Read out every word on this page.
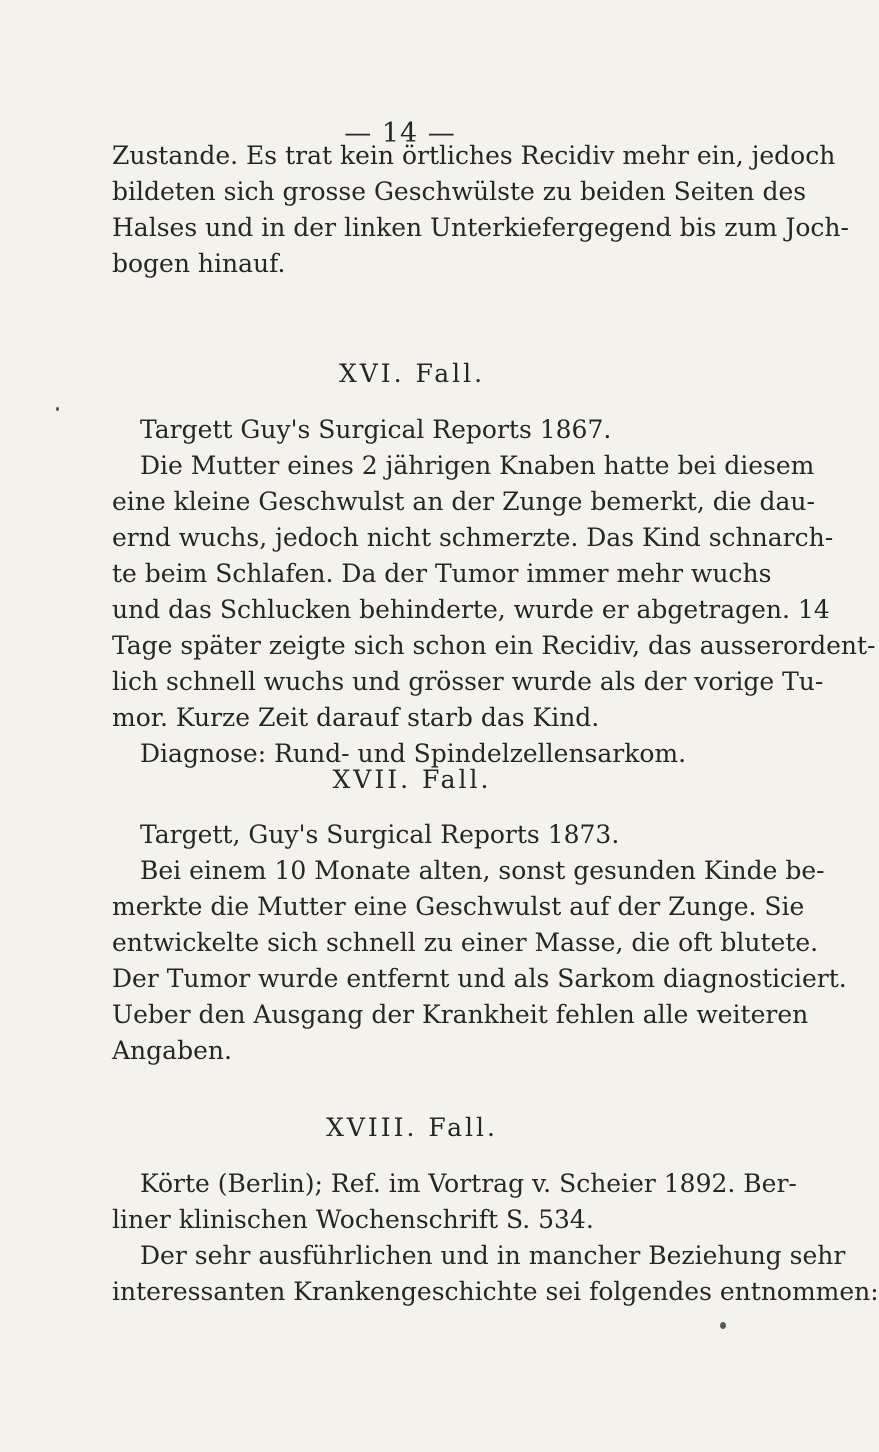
— 14 —
Zustande. Es trat kein örtliches Recidiv mehr ein, jedoch
bildeten sich grosse Geschwülste zu beiden Seiten des
Halses und in der linken Unterkiefergegend bis zum Joch-
bogen hinauf.
XVI. Fall.
Targett Guy's Surgical Reports 1867.
Die Mutter eines 2 jährigen Knaben hatte bei diesem
eine kleine Geschwulst an der Zunge bemerkt, die dau-
ernd wuchs, jedoch nicht schmerzte. Das Kind schnarch-
te beim Schlafen. Da der Tumor immer mehr wuchs
und das Schlucken behinderte, wurde er abgetragen. 14
Tage später zeigte sich schon ein Recidiv, das ausserordent-
lich schnell wuchs und grösser wurde als der vorige Tu-
mor. Kurze Zeit darauf starb das Kind.
Diagnose: Rund- und Spindelzellensarkom.
XVII. Fall.
Targett, Guy's Surgical Reports 1873.
Bei einem 10 Monate alten, sonst gesunden Kinde be-
merkte die Mutter eine Geschwulst auf der Zunge. Sie
entwickelte sich schnell zu einer Masse, die oft blutete.
Der Tumor wurde entfernt und als Sarkom diagnosticiert.
Ueber den Ausgang der Krankheit fehlen alle weiteren
Angaben.
XVIII. Fall.
Körte (Berlin); Ref. im Vortrag v. Scheier 1892. Ber-
liner klinischen Wochenschrift S. 534.
Der sehr ausführlichen und in mancher Beziehung sehr
interessanten Krankengeschichte sei folgendes entnommen:
